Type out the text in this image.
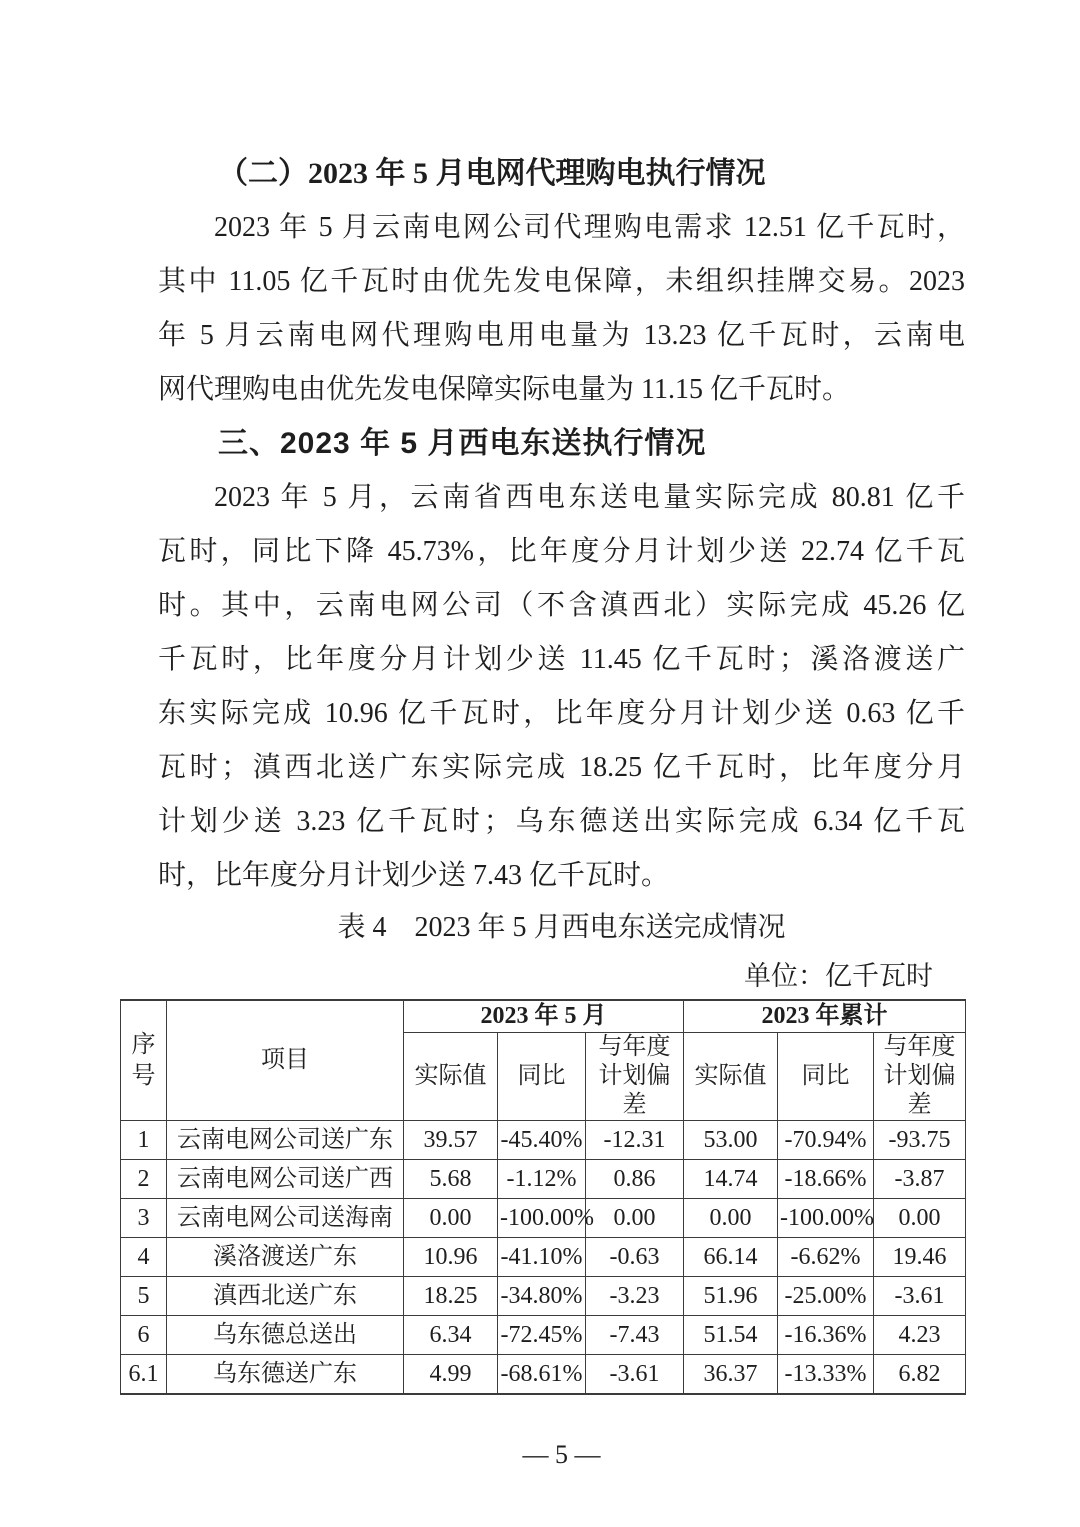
（二）2023 年 5 月电网代理购电执行情况
2023 年 5 月云南电网公司代理购电需求 12.51 亿千瓦时，
其中 11.05 亿千瓦时由优先发电保障，未组织挂牌交易。2023
年 5 月云南电网代理购电用电量为 13.23 亿千瓦时，云南电
网代理购电由优先发电保障实际电量为 11.15 亿千瓦时。
三、2023 年 5 月西电东送执行情况
2023 年 5 月，云南省西电东送电量实际完成 80.81 亿千
瓦时，同比下降 45.73%，比年度分月计划少送 22.74 亿千瓦
时。其中，云南电网公司（不含滇西北）实际完成 45.26 亿
千瓦时，比年度分月计划少送 11.45 亿千瓦时；溪洛渡送广
东实际完成 10.96 亿千瓦时，比年度分月计划少送 0.63 亿千
瓦时；滇西北送广东实际完成 18.25 亿千瓦时，比年度分月
计划少送 3.23 亿千瓦时；乌东德送出实际完成 6.34 亿千瓦
时，比年度分月计划少送 7.43 亿千瓦时。
表 4　2023 年 5 月西电东送完成情况
单位：亿千瓦时
序号	项目	2023 年 5 月			2023 年累计		
		实际值	同比	与年度计划偏差	实际值	同比	与年度计划偏差
1	云南电网公司送广东	39.57	-45.40%	-12.31	53.00	-70.94%	-93.75
2	云南电网公司送广西	5.68	-1.12%	0.86	14.74	-18.66%	-3.87
3	云南电网公司送海南	0.00	-100.00%	0.00	0.00	-100.00%	0.00
4	溪洛渡送广东	10.96	-41.10%	-0.63	66.14	-6.62%	19.46
5	滇西北送广东	18.25	-34.80%	-3.23	51.96	-25.00%	-3.61
6	乌东德总送出	6.34	-72.45%	-7.43	51.54	-16.36%	4.23
6.1	乌东德送广东	4.99	-68.61%	-3.61	36.37	-13.33%	6.82
— 5 —
